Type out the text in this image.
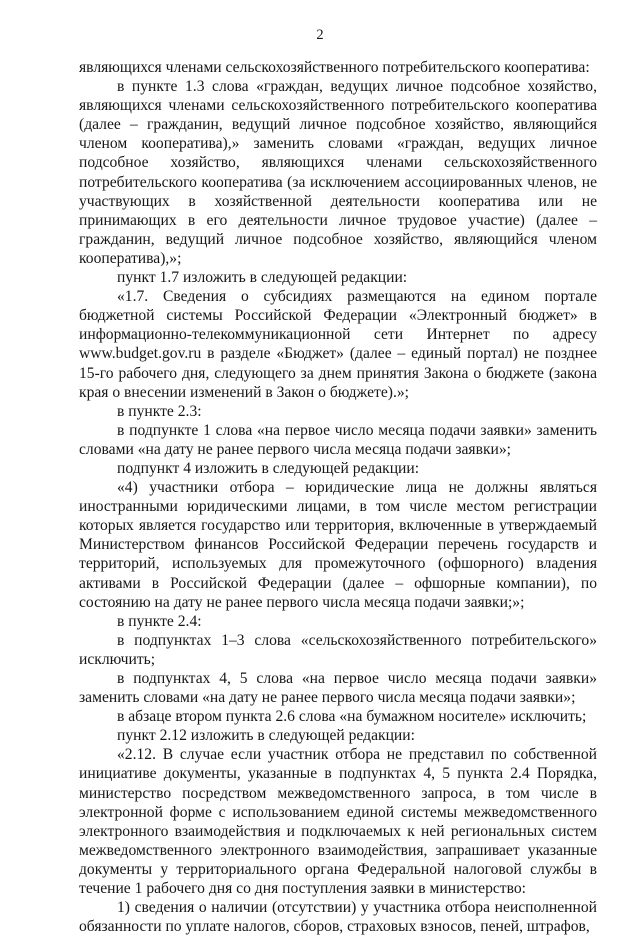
2

являющихся членами сельскохозяйственного потребительского кооператива:

в пункте 1.3 слова «граждан, ведущих личное подсобное хозяйство, являющихся членами сельскохозяйственного потребительского кооператива (далее – гражданин, ведущий личное подсобное хозяйство, являющийся членом кооператива),» заменить словами «граждан, ведущих личное подсобное хозяйство, являющихся членами сельскохозяйственного потребительского кооператива (за исключением ассоциированных членов, не участвующих в хозяйственной деятельности кооператива или не принимающих в его деятельности личное трудовое участие) (далее – гражданин, ведущий личное подсобное хозяйство, являющийся членом кооператива),»;

пункт 1.7 изложить в следующей редакции:

«1.7. Сведения о субсидиях размещаются на едином портале бюджетной системы Российской Федерации «Электронный бюджет» в информационно-телекоммуникационной сети Интернет по адресу www.budget.gov.ru в разделе «Бюджет» (далее – единый портал) не позднее 15-го рабочего дня, следующего за днем принятия Закона о бюджете (закона края о внесении изменений в Закон о бюджете).»;

в пункте 2.3:

в подпункте 1 слова «на первое число месяца подачи заявки» заменить словами «на дату не ранее первого числа месяца подачи заявки»;

подпункт 4 изложить в следующей редакции:

«4) участники отбора – юридические лица не должны являться иностранными юридическими лицами, в том числе местом регистрации которых является государство или территория, включенные в утверждаемый Министерством финансов Российской Федерации перечень государств и территорий, используемых для промежуточного (офшорного) владения активами в Российской Федерации (далее – офшорные компании), по состоянию на дату не ранее первого числа месяца подачи заявки;»;

в пункте 2.4:

в подпунктах 1–3 слова «сельскохозяйственного потребительского» исключить;

в подпунктах 4, 5 слова «на первое число месяца подачи заявки» заменить словами «на дату не ранее первого числа месяца подачи заявки»;

в абзаце втором пункта 2.6 слова «на бумажном носителе» исключить;

пункт 2.12 изложить в следующей редакции:

«2.12. В случае если участник отбора не представил по собственной инициативе документы, указанные в подпунктах 4, 5 пункта 2.4 Порядка, министерство посредством межведомственного запроса, в том числе в электронной форме с использованием единой системы межведомственного электронного взаимодействия и подключаемых к ней региональных систем межведомственного электронного взаимодействия, запрашивает указанные документы у территориального органа Федеральной налоговой службы в течение 1 рабочего дня со дня поступления заявки в министерство:

1) сведения о наличии (отсутствии) у участника отбора неисполненной обязанности по уплате налогов, сборов, страховых взносов, пеней, штрафов,
